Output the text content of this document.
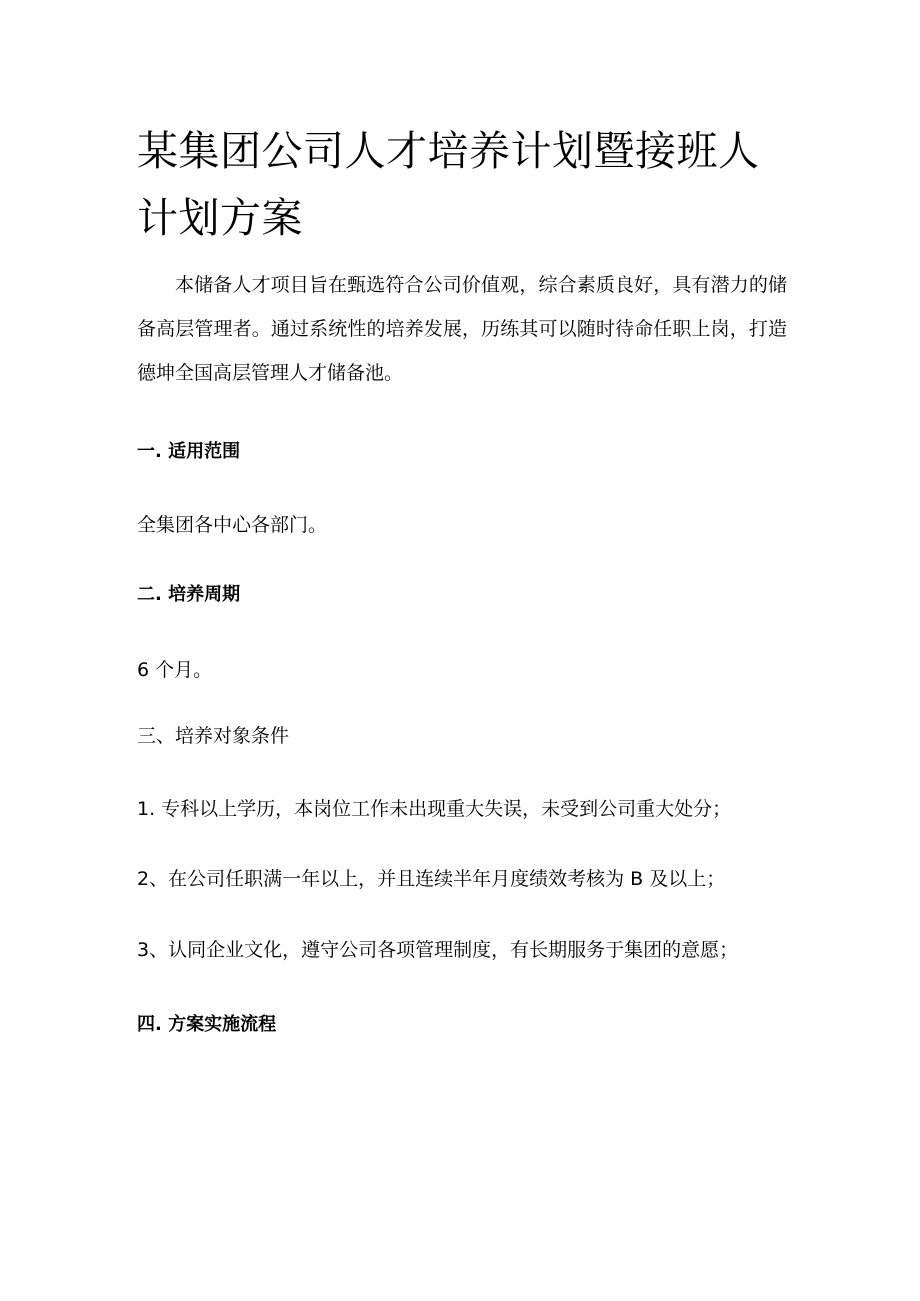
某集团公司人才培养计划暨接班人计划方案

本储备人才项目旨在甄选符合公司价值观，综合素质良好，具有潜力的储备高层管理者。通过系统性的培养发展，历练其可以随时待命任职上岗，打造德坤全国高层管理人才储备池。

一. 适用范围

全集团各中心各部门。

二. 培养周期

6 个月。

三、培养对象条件

1. 专科以上学历，本岗位工作未出现重大失误，未受到公司重大处分；

2、在公司任职满一年以上，并且连续半年月度绩效考核为 B 及以上；

3、认同企业文化，遵守公司各项管理制度，有长期服务于集团的意愿；

四. 方案实施流程
